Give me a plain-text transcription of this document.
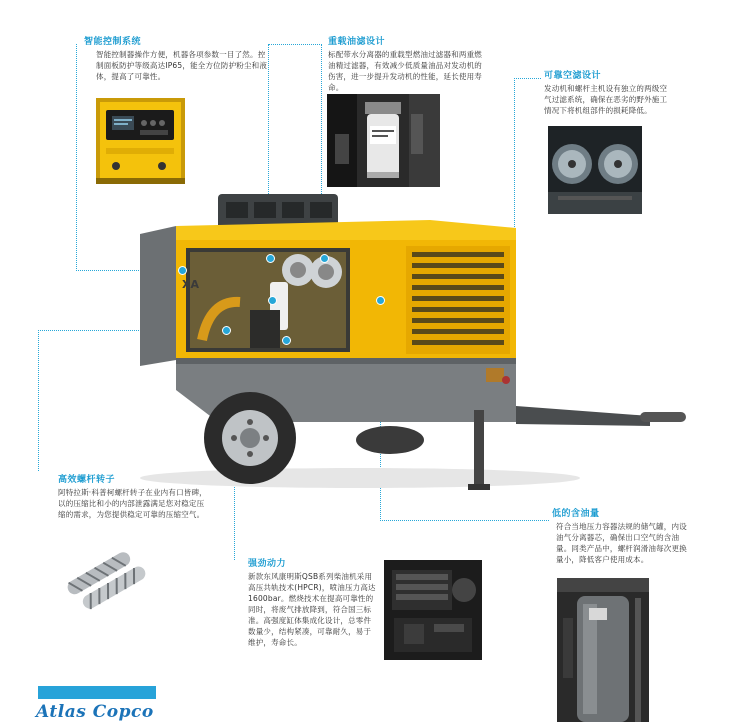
智能控制系统
智能控制器操作方便，机器各项参数一目了然。控制面板防护等级高达IP65，能全方位防护粉尘和液体，提高了可靠性。
重载油滤设计
标配带水分离器的重载型燃油过滤器和两重燃油精过滤器，有效减少低质量油品对发动机的伤害，进一步提升发动机的性能，延长使用寿命。
可靠空滤设计
发动机和螺杆主机设有独立的两级空气过滤系统，确保在恶劣的野外施工情况下将机组部件的损耗降低。
XA
高效螺杆转子
阿特拉斯·科普柯螺杆转子在业内有口皆碑，以的压缩比和小的内部泄露满足您对稳定压缩的需求，为您提供稳定可靠的压缩空气。
强劲动力
新款东风康明斯QSB系列柴油机采用高压共轨技术(HPCR)，喷油压力高达1600bar。燃烧技术在提高可靠性的同时，将废气排放降到，符合国三标准。高强度缸体集成化设计，总零件数量少，结构紧凑，可靠耐久，易于维护，寿命长。
低的含油量
符合当地压力容器法规的储气罐，内设油气分离器芯，确保出口空气的含油量。同类产品中，螺杆润滑油每次更换量小，降低客户使用成本。
Atlas Copco
